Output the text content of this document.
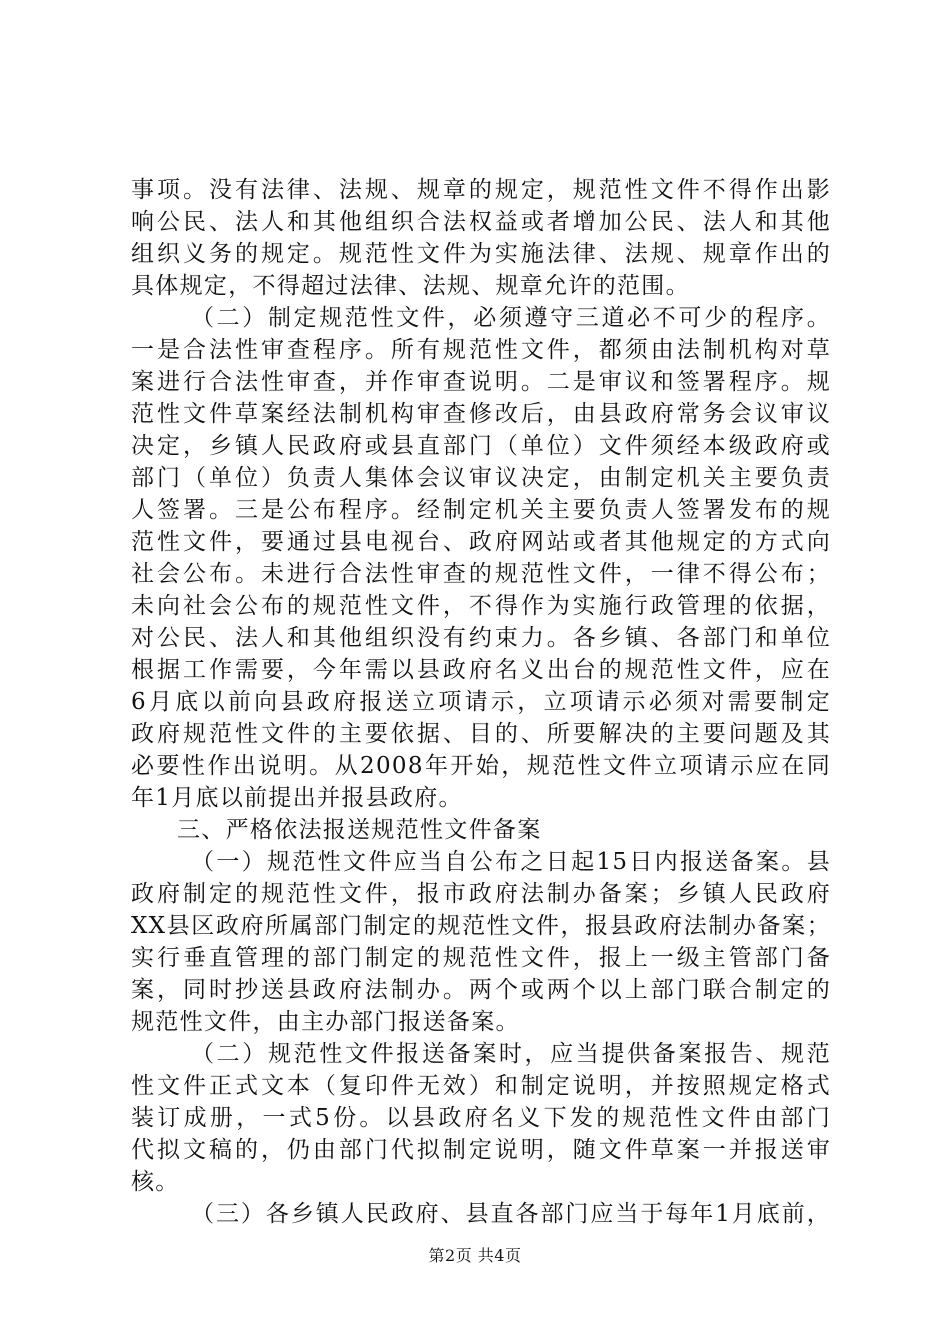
事项。没有法律、法规、规章的规定，规范性文件不得作出影
响公民、法人和其他组织合法权益或者增加公民、法人和其他
组织义务的规定。规范性文件为实施法律、法规、规章作出的
具体规定，不得超过法律、法规、规章允许的范围。
（二）制定规范性文件，必须遵守三道必不可少的程序。
一是合法性审查程序。所有规范性文件，都须由法制机构对草
案进行合法性审查，并作审查说明。二是审议和签署程序。规
范性文件草案经法制机构审查修改后，由县政府常务会议审议
决定，乡镇人民政府或县直部门（单位）文件须经本级政府或
部门（单位）负责人集体会议审议决定，由制定机关主要负责
人签署。三是公布程序。经制定机关主要负责人签署发布的规
范性文件，要通过县电视台、政府网站或者其他规定的方式向
社会公布。未进行合法性审查的规范性文件，一律不得公布；
未向社会公布的规范性文件，不得作为实施行政管理的依据，
对公民、法人和其他组织没有约束力。各乡镇、各部门和单位
根据工作需要，今年需以县政府名义出台的规范性文件，应在
6月底以前向县政府报送立项请示，立项请示必须对需要制定
政府规范性文件的主要依据、目的、所要解决的主要问题及其
必要性作出说明。从2008年开始，规范性文件立项请示应在同
年1月底以前提出并报县政府。
三、严格依法报送规范性文件备案
（一）规范性文件应当自公布之日起15日内报送备案。县
政府制定的规范性文件，报市政府法制办备案；乡镇人民政府
XX县区政府所属部门制定的规范性文件，报县政府法制办备案；
实行垂直管理的部门制定的规范性文件，报上一级主管部门备
案，同时抄送县政府法制办。两个或两个以上部门联合制定的
规范性文件，由主办部门报送备案。
（二）规范性文件报送备案时，应当提供备案报告、规范
性文件正式文本（复印件无效）和制定说明，并按照规定格式
装订成册，一式5份。以县政府名义下发的规范性文件由部门
代拟文稿的，仍由部门代拟制定说明，随文件草案一并报送审
核。
（三）各乡镇人民政府、县直各部门应当于每年1月底前，
第2页 共4页
